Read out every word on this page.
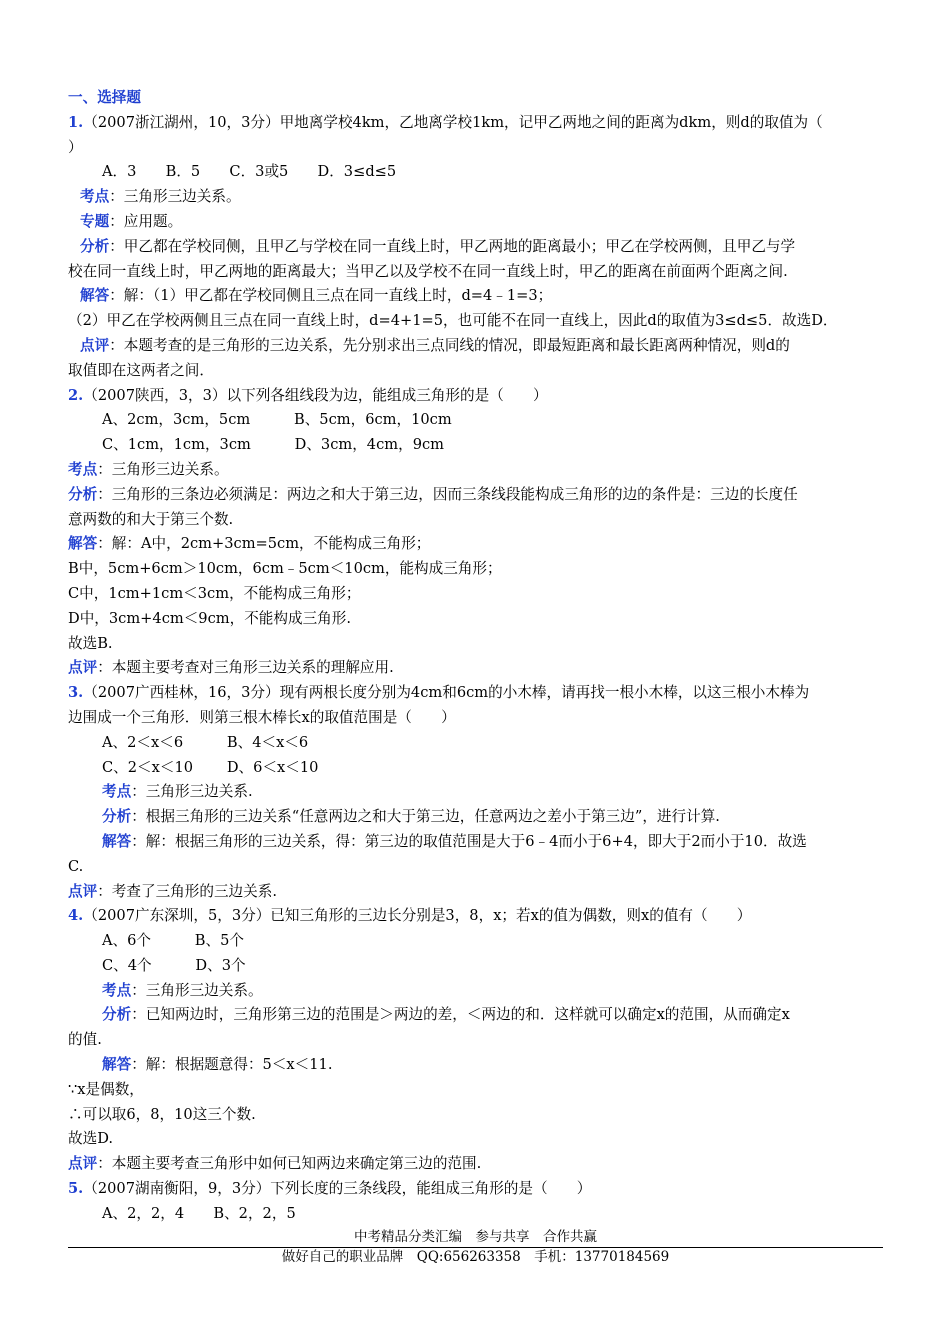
一、选择题
1.（2007浙江湖州，10，3分）甲地离学校4km，乙地离学校1km，记甲乙两地之间的距离为dkm，则d的取值为（
）
A．3　　B．5　　C．3或5　　D．3≤d≤5
考点：三角形三边关系。
专题：应用题。
分析：甲乙都在学校同侧，且甲乙与学校在同一直线上时，甲乙两地的距离最小；甲乙在学校两侧，且甲乙与学
校在同一直线上时，甲乙两地的距离最大；当甲乙以及学校不在同一直线上时，甲乙的距离在前面两个距离之间.
解答：解：（1）甲乙都在学校同侧且三点在同一直线上时，d=4﹣1=3；
（2）甲乙在学校两侧且三点在同一直线上时，d=4+1=5，也可能不在同一直线上，因此d的取值为3≤d≤5．故选D．
点评：本题考查的是三角形的三边关系，先分别求出三点同线的情况，即最短距离和最长距离两种情况，则d的
取值即在这两者之间．
2.（2007陕西，3，3）以下列各组线段为边，能组成三角形的是（　　）
A、2cm，3cm，5cm　　　B、5cm，6cm，10cm
C、1cm，1cm，3cm　　　D、3cm，4cm，9cm
考点：三角形三边关系。
分析：三角形的三条边必须满足：两边之和大于第三边，因而三条线段能构成三角形的边的条件是：三边的长度任
意两数的和大于第三个数.
解答：解：A中，2cm+3cm=5cm，不能构成三角形；
B中，5cm+6cm＞10cm，6cm﹣5cm＜10cm，能构成三角形；
C中，1cm+1cm＜3cm，不能构成三角形；
D中，3cm+4cm＜9cm，不能构成三角形.
故选B.
点评：本题主要考查对三角形三边关系的理解应用.
3.（2007广西桂林，16，3分）现有两根长度分别为4cm和6cm的小木棒，请再找一根小木棒，以这三根小木棒为
边围成一个三角形．则第三根木棒长x的取值范围是（　　）
A、2＜x＜6　　　B、4＜x＜6
C、2＜x＜10　　 D、6＜x＜10
考点：三角形三边关系.
分析：根据三角形的三边关系“任意两边之和大于第三边，任意两边之差小于第三边”，进行计算.
解答：解：根据三角形的三边关系，得：第三边的取值范围是大于6﹣4而小于6+4，即大于2而小于10．故选
C.
点评：考查了三角形的三边关系.
4.（2007广东深圳，5，3分）已知三角形的三边长分别是3，8，x；若x的值为偶数，则x的值有（　　）
A、6个　　　B、5个
C、4个　　　D、3个
考点：三角形三边关系。
分析：已知两边时，三角形第三边的范围是＞两边的差，＜两边的和．这样就可以确定x的范围，从而确定x
的值.
解答：解：根据题意得：5＜x＜11.
∵x是偶数，
∴可以取6，8，10这三个数.
故选D.
点评：本题主要考查三角形中如何已知两边来确定第三边的范围.
5.（2007湖南衡阳，9，3分）下列长度的三条线段，能组成三角形的是（　　）
A、2，2，4　　B、2，2，5
中考精品分类汇编　参与共享　合作共赢
做好自己的职业品牌　QQ:656263358　手机：13770184569
